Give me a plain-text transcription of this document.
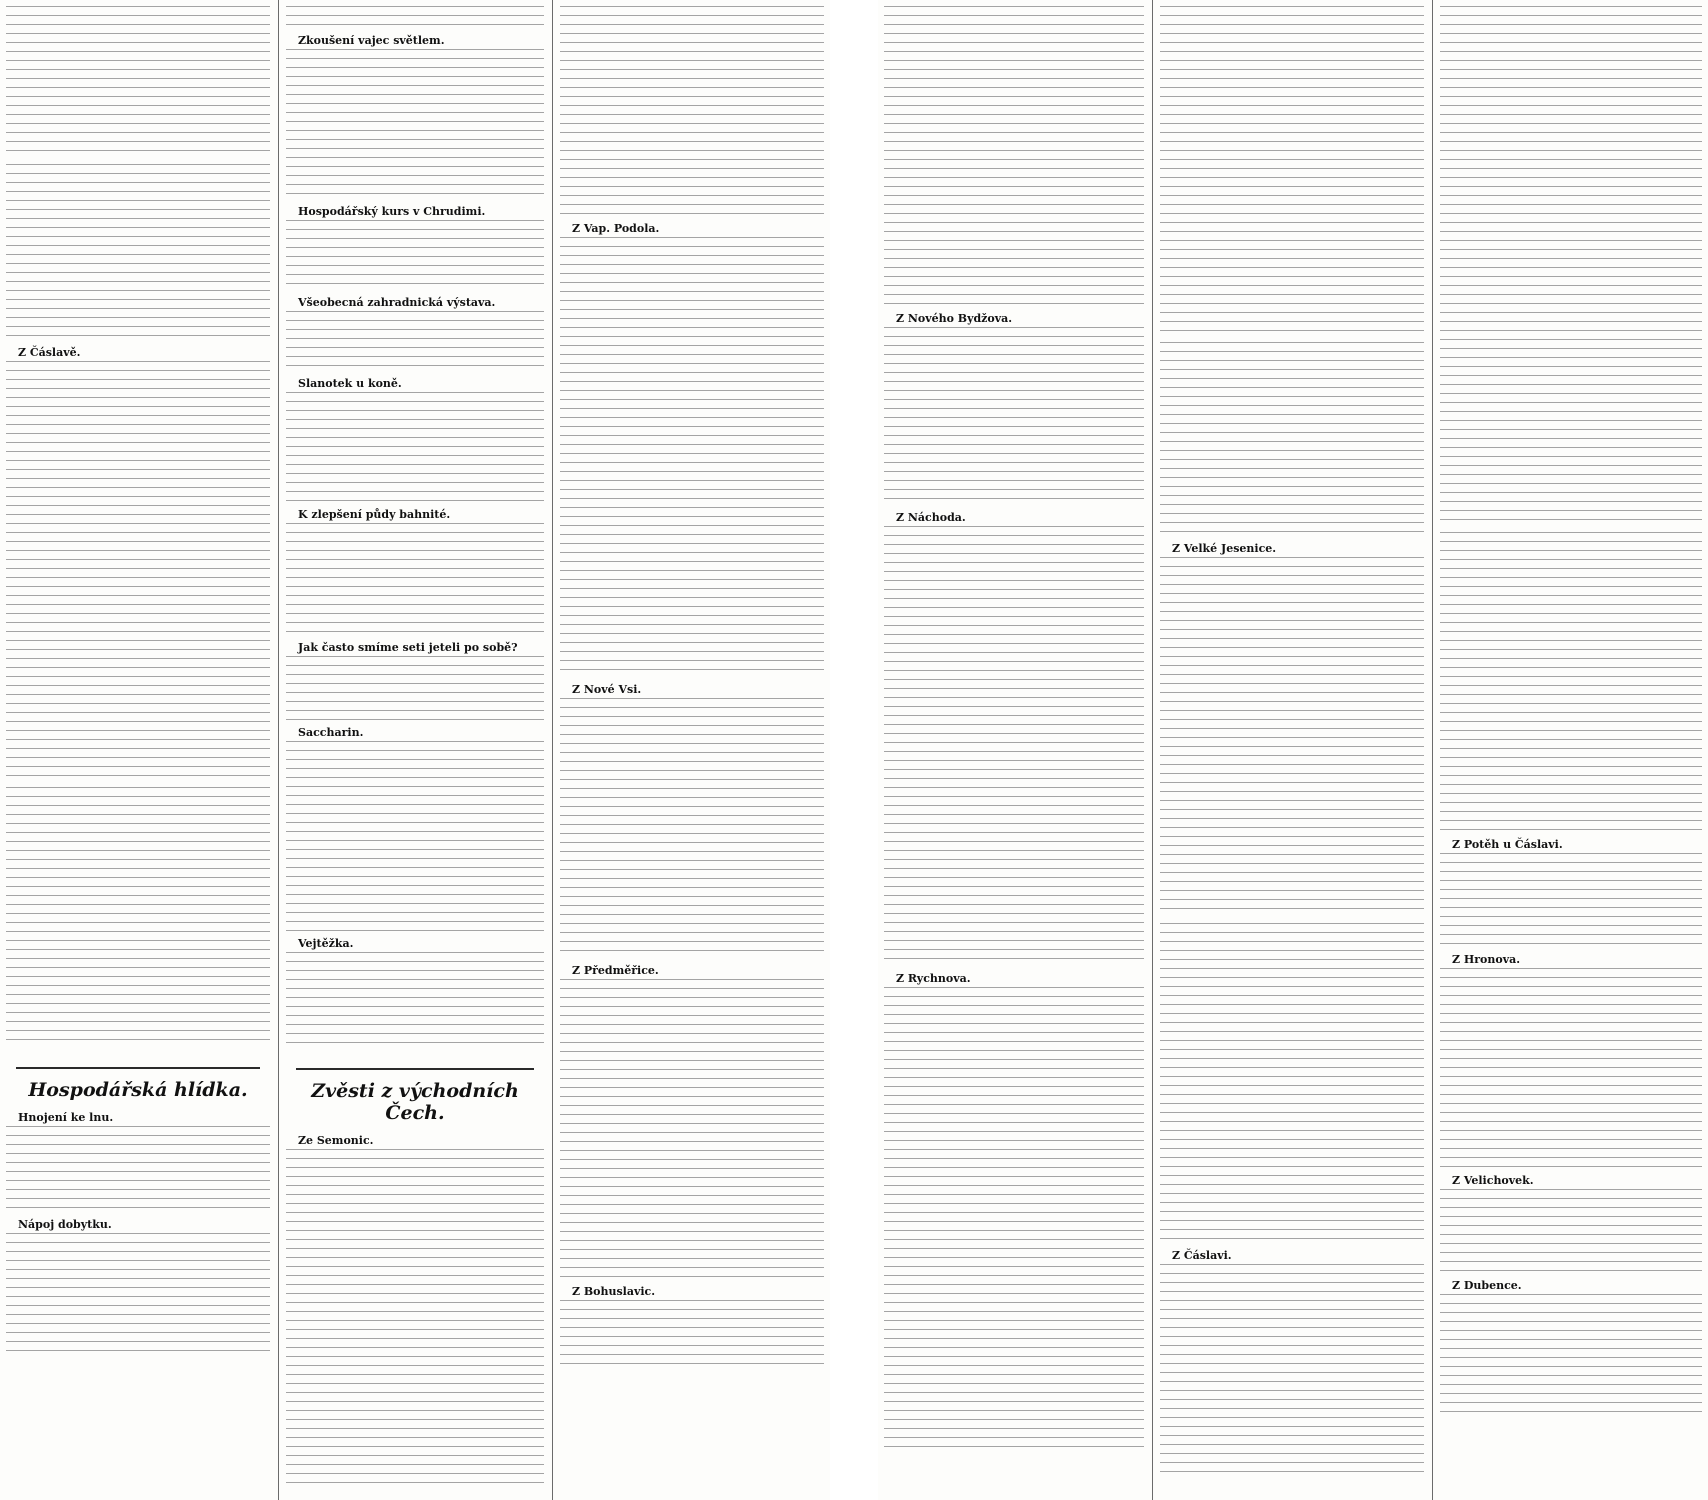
Z Čáslavě.
Hospodářská hlídka.
Hnojení ke lnu.
Nápoj dobytku.
Zkoušení vajec světlem.
Hospodářský kurs v Chrudimi.
Všeobecná zahradnická výstava.
Slanotek u koně.
K zlepšení půdy bahnité.
Jak často smíme seti jeteli po sobě?
Saccharin.
Vejtěžka.
Zvěsti z východních Čech.
Ze Semonic.
Z Vap. Podola.
Z Nové Vsi.
Z Předměřice.
Z Bohuslavic.
Z Nového Bydžova.
Z Náchoda.
Z Rychnova.
Z Velké Jesenice.
Z Čáslavi.
Z Potěh u Čáslavi.
Z Hronova.
Z Velichovek.
Z Dubence.
